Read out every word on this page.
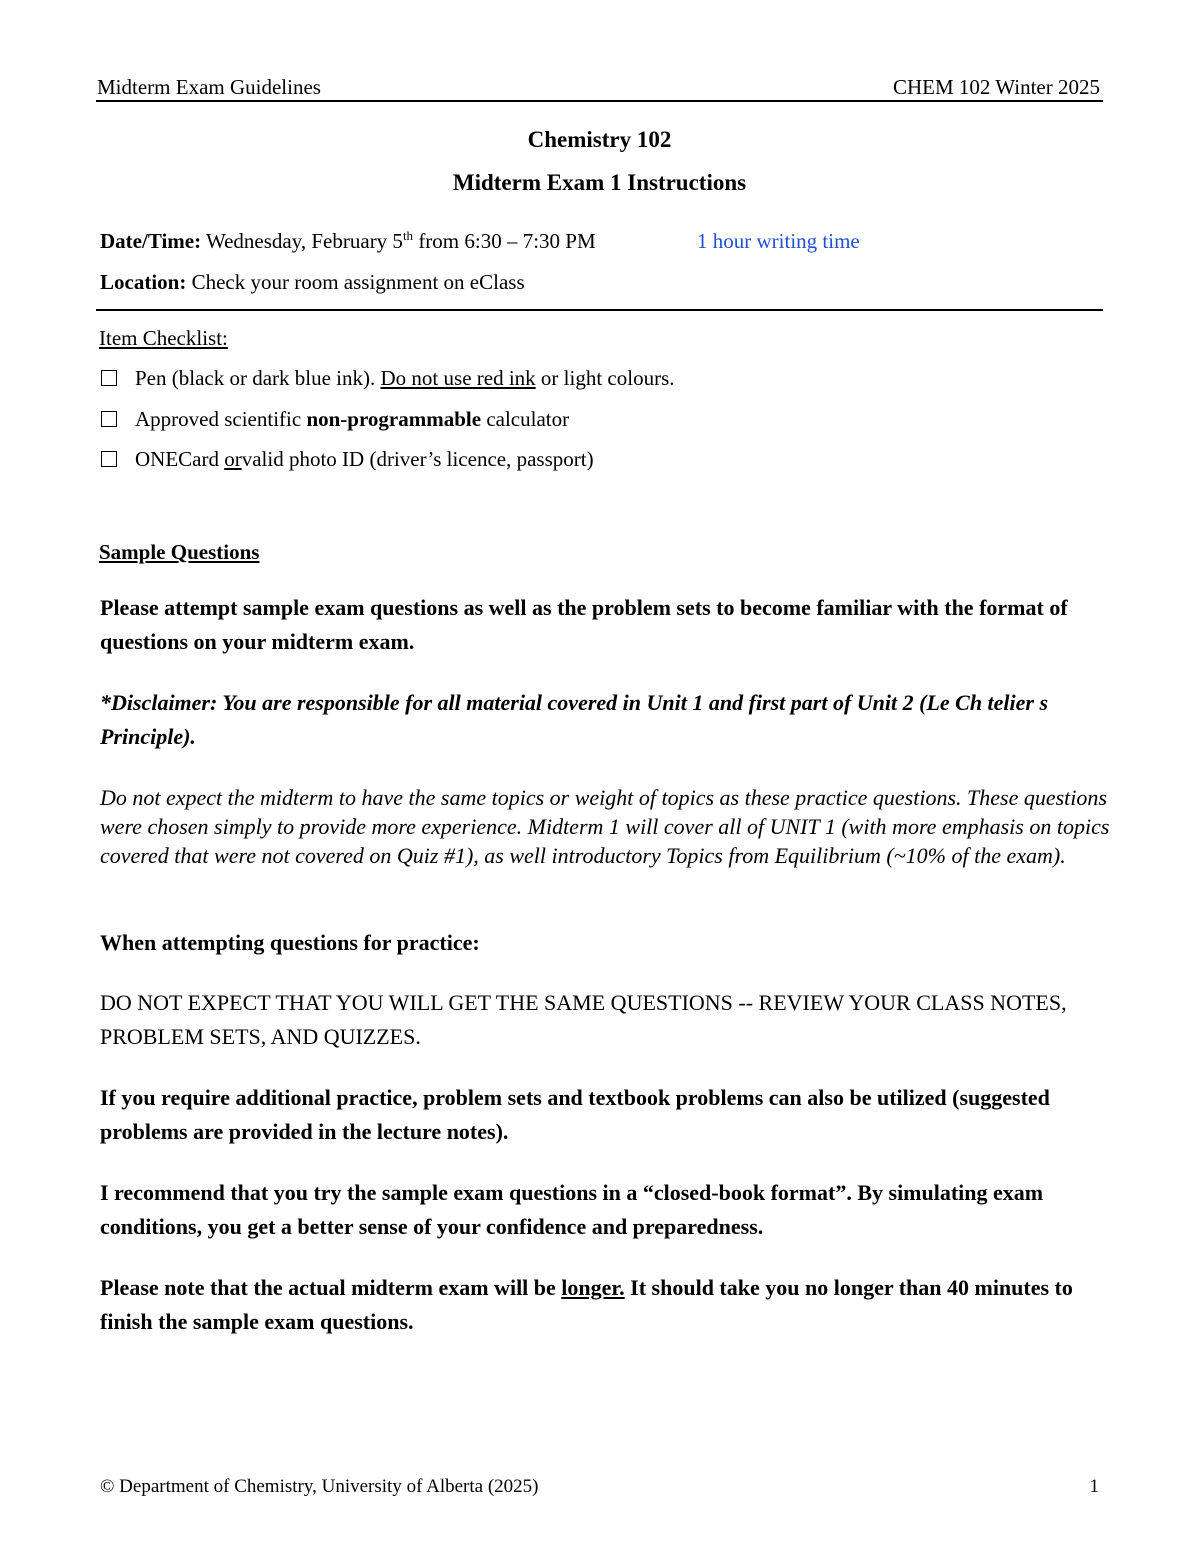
Midterm Exam Guidelines	CHEM 102 Winter 2025
Chemistry 102
Midterm Exam 1 Instructions
Date/Time: Wednesday, February 5th from 6:30 – 7:30 PM	1 hour writing time
Location: Check your room assignment on eClass
Item Checklist:
Pen (black or dark blue ink). Do not use red ink or light colours.
Approved scientific non-programmable calculator
ONECard orvalid photo ID (driver’s licence, passport)
Sample Questions
Please attempt sample exam questions as well as the problem sets to become familiar with the format of questions on your midterm exam.
*Disclaimer: You are responsible for all material covered in Unit 1 and first part of Unit 2 (Le Ch telier s Principle).
Do not expect the midterm to have the same topics or weight of topics as these practice questions. These questions were chosen simply to provide more experience. Midterm 1 will cover all of UNIT 1 (with more emphasis on topics covered that were not covered on Quiz #1), as well introductory Topics from Equilibrium (~10% of the exam).
When attempting questions for practice:
DO NOT EXPECT THAT YOU WILL GET THE SAME QUESTIONS -- REVIEW YOUR CLASS NOTES, PROBLEM SETS, AND QUIZZES.
If you require additional practice, problem sets and textbook problems can also be utilized (suggested problems are provided in the lecture notes).
I recommend that you try the sample exam questions in a “closed-book format”. By simulating exam conditions, you get a better sense of your confidence and preparedness.
Please note that the actual midterm exam will be longer. It should take you no longer than 40 minutes to finish the sample exam questions.
© Department of Chemistry, University of Alberta (2025)	1
